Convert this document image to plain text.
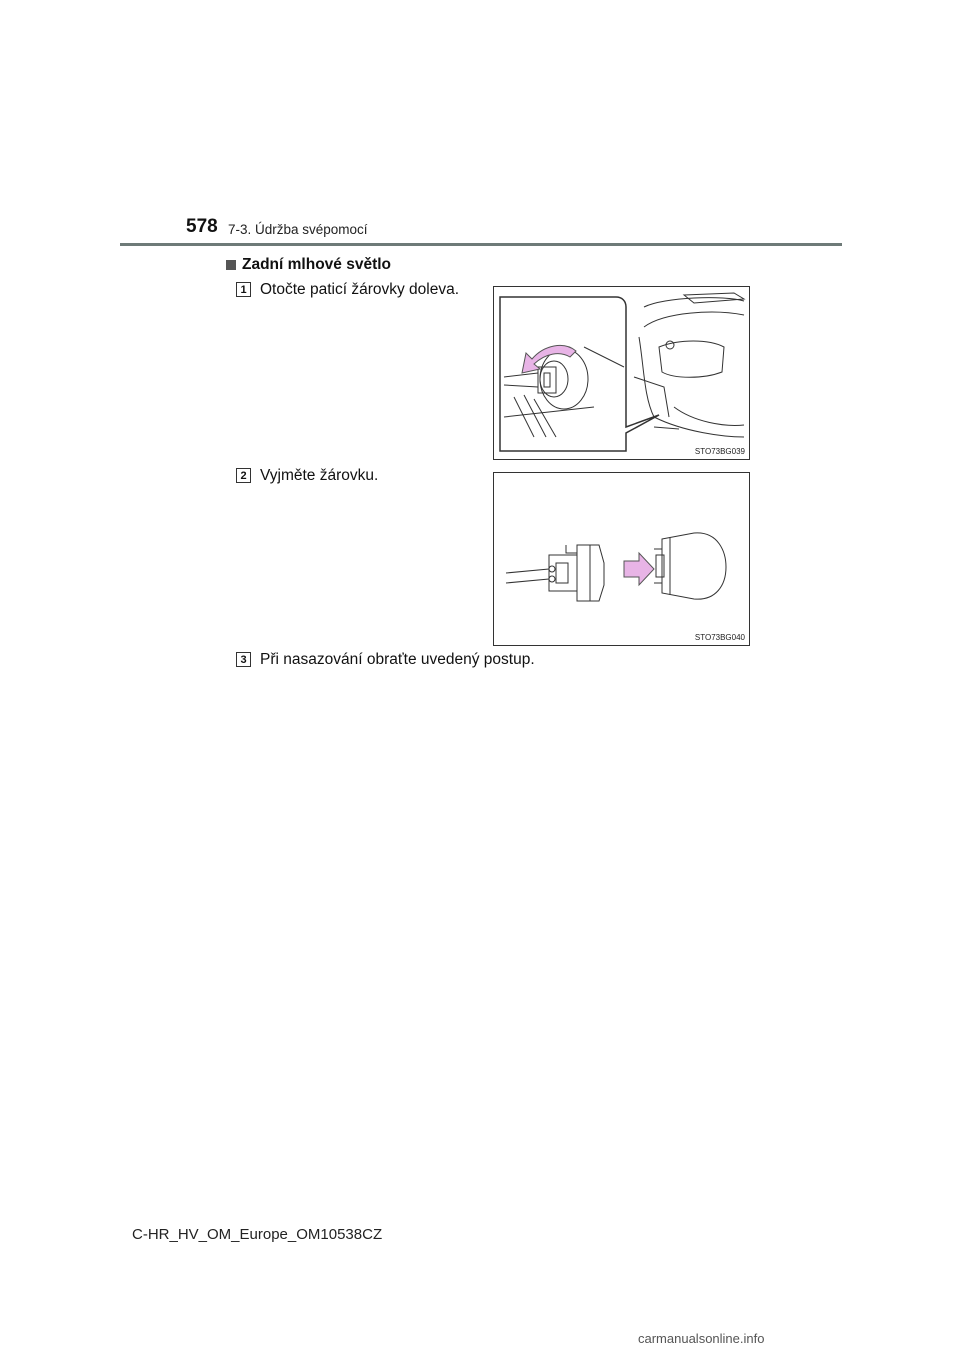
578 7-3. Údržba svépomocí
Zadní mlhové světlo
1 Otočte paticí žárovky doleva.
STO73BG039
2 Vyjměte žárovku.
STO73BG040
3 Při nasazování obraťte uvedený postup.
C-HR_HV_OM_Europe_OM10538CZ
carmanualsonline.info
